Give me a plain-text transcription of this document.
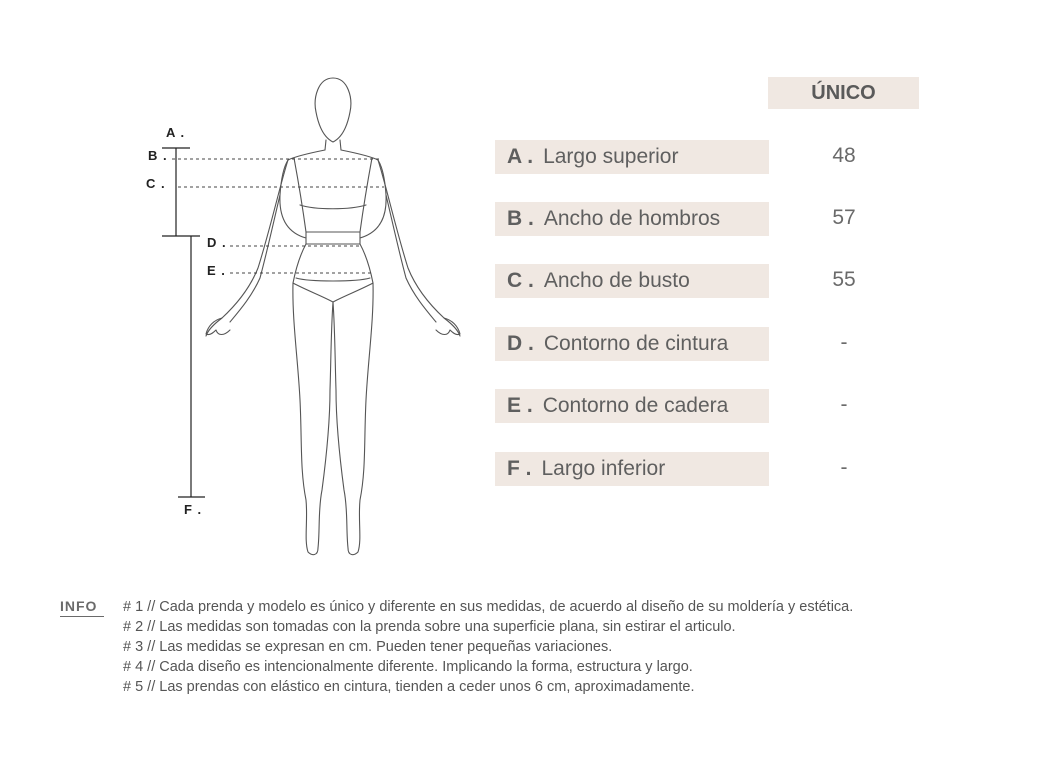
A .
B .
C .
D .
E .
F .
ÚNICO
A . Largo superior	48
B . Ancho de hombros	57
C . Ancho de busto	55
D . Contorno de cintura	-
E . Contorno de cadera	-
F . Largo inferior	-
INFO # 1 // Cada prenda y modelo es único y diferente en sus medidas, de acuerdo al diseño de su moldería y estética.
# 2 // Las medidas son tomadas con la prenda sobre una superficie plana, sin estirar el articulo.
# 3 // Las medidas se expresan en cm. Pueden tener pequeñas variaciones.
# 4 // Cada diseño es intencionalmente diferente. Implicando la forma, estructura y largo.
# 5 // Las prendas con elástico en cintura, tienden a ceder unos 6 cm, aproximadamente.
